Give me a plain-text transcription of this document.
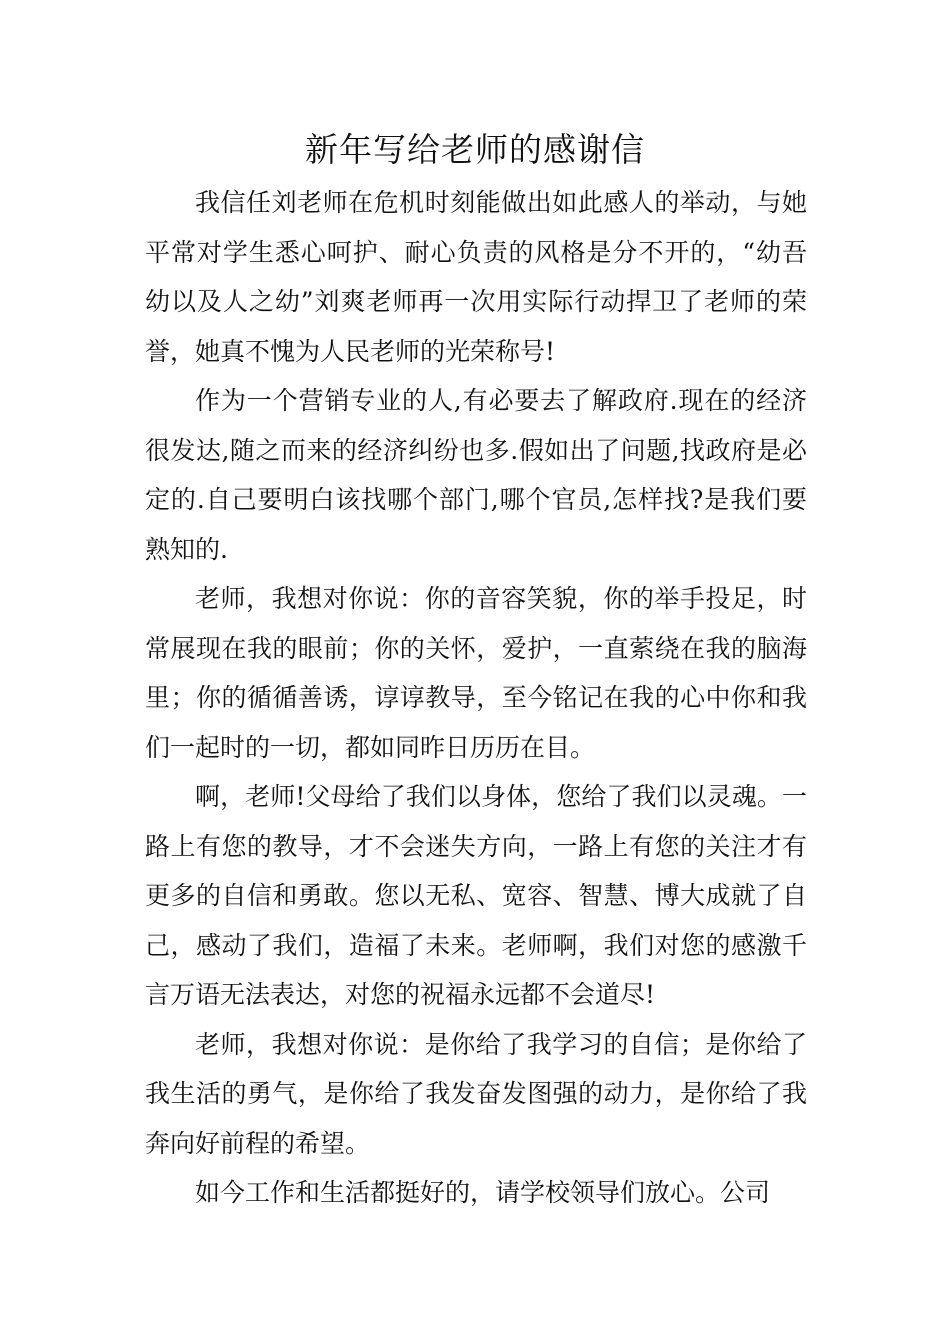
新年写给老师的感谢信

我信任刘老师在危机时刻能做出如此感人的举动，与她平常对学生悉心呵护、耐心负责的风格是分不开的，“幼吾幼以及人之幼”刘爽老师再一次用实际行动捍卫了老师的荣誉，她真不愧为人民老师的光荣称号!

作为一个营销专业的人,有必要去了解政府.现在的经济很发达,随之而来的经济纠纷也多.假如出了问题,找政府是必定的.自己要明白该找哪个部门,哪个官员,怎样找?是我们要熟知的.

老师，我想对你说：你的音容笑貌，你的举手投足，时常展现在我的眼前；你的关怀，爱护，一直萦绕在我的脑海里；你的循循善诱，谆谆教导，至今铭记在我的心中你和我们一起时的一切，都如同昨日历历在目。

啊，老师!父母给了我们以身体，您给了我们以灵魂。一路上有您的教导，才不会迷失方向，一路上有您的关注才有更多的自信和勇敢。您以无私、宽容、智慧、博大成就了自己，感动了我们，造福了未来。老师啊，我们对您的感激千言万语无法表达，对您的祝福永远都不会道尽!

老师，我想对你说：是你给了我学习的自信；是你给了我生活的勇气，是你给了我发奋发图强的动力，是你给了我奔向好前程的希望。

如今工作和生活都挺好的，请学校领导们放心。公司
